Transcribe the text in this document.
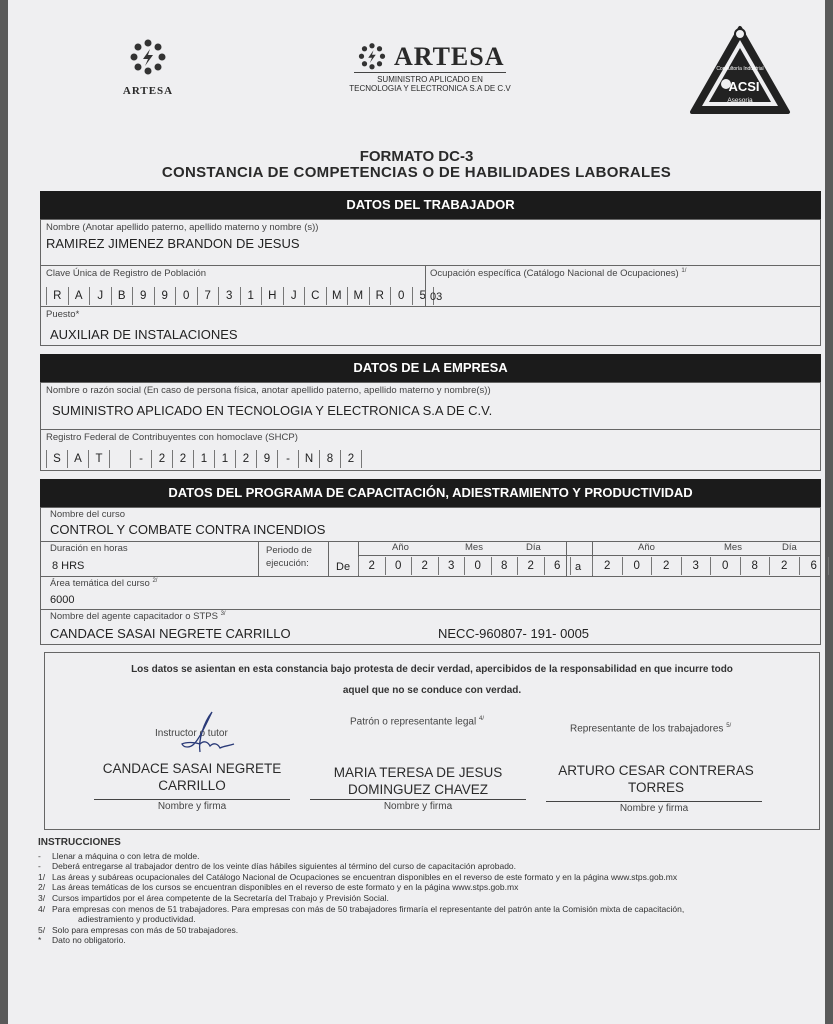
ARTESA
ARTESA
SUMINISTRO APLICADO EN
TECNOLOGIA Y ELECTRONICA S.A DE C.V	ACSI
Asesoria
Consultoría Industrial
FORMATO DC-3
CONSTANCIA DE COMPETENCIAS O DE HABILIDADES LABORALES
DATOS DEL TRABAJADOR
Nombre (Anotar apellido paterno, apellido materno y nombre (s))
RAMIREZ JIMENEZ BRANDON DE JESUS
Clave Única de Registro de Población
R	A	J	B	9	9	0	7	3	1	H	J	C	M	M	R	0	5
Ocupación específica (Catálogo Nacional de Ocupaciones) $^{1/}$
03
Puesto*
AUXILIAR DE INSTALACIONES
DATOS DE LA EMPRESA
Nombre o razón social (En caso de persona física, anotar apellido paterno, apellido materno y nombre(s))
SUMINISTRO APLICADO EN TECNOLOGIA Y ELECTRONICA S.A DE C.V.
Registro Federal de Contribuyentes con homoclave (SHCP)
S	A	T	-	2	2	1	1	2	9	-	N	8	2
DATOS DEL PROGRAMA DE CAPACITACIÓN, ADIESTRAMIENTO Y PRODUCTIVIDAD
Nombre del curso
CONTROL Y COMBATE CONTRA INCENDIOS
Duración en horas
8 HRS
Periodo de
ejecución: De
Año	Mes	Día
2	0	2	3	0	8	2	6	a
Año	Mes	Día
2	0	2	3	0	8	2	6
Área temática del curso $^{2/}$
6000
Nombre del agente capacitador o STPS $^{3/}$
CANDACE SASAI NEGRETE CARRILLO	NECC-960807- 191- 0005
Los datos se asientan en esta constancia bajo protesta de decir verdad, apercibidos de la responsabilidad en que incurre todo
aquel que no se conduce con verdad.
Instructor o tutor
Patrón o representante legal $^{4/}$
Representante de los trabajadores $^{5/}$
CANDACE SASAI NEGRETE
CARRILLO
MARIA TERESA DE JESUS
DOMINGUEZ CHAVEZ
ARTURO CESAR CONTRERAS
TORRES
Nombre y firma	Nombre y firma	Nombre y firma
INSTRUCCIONES
-	Llenar a máquina o con letra de molde.
-	Deberá entregarse al trabajador dentro de los veinte días hábiles siguientes al término del curso de capacitación aprobado.
1/ Las áreas y subáreas ocupacionales del Catálogo Nacional de Ocupaciones se encuentran disponibles en el reverso de este formato y en la página www.stps.gob.mx
2/ Las áreas temáticas de los cursos se encuentran disponibles en el reverso de este formato y en la página www.stps.gob.mx
3/ Cursos impartidos por el área competente de la Secretaría del Trabajo y Previsión Social.
4/ Para empresas con menos de 51 trabajadores. Para empresas con más de 50 trabajadores firmaría el representante del patrón ante la Comisión mixta de capacitación,
adiestramiento y productividad.
5/ Solo para empresas con más de 50 trabajadores.
*	Dato no obligatorio.
